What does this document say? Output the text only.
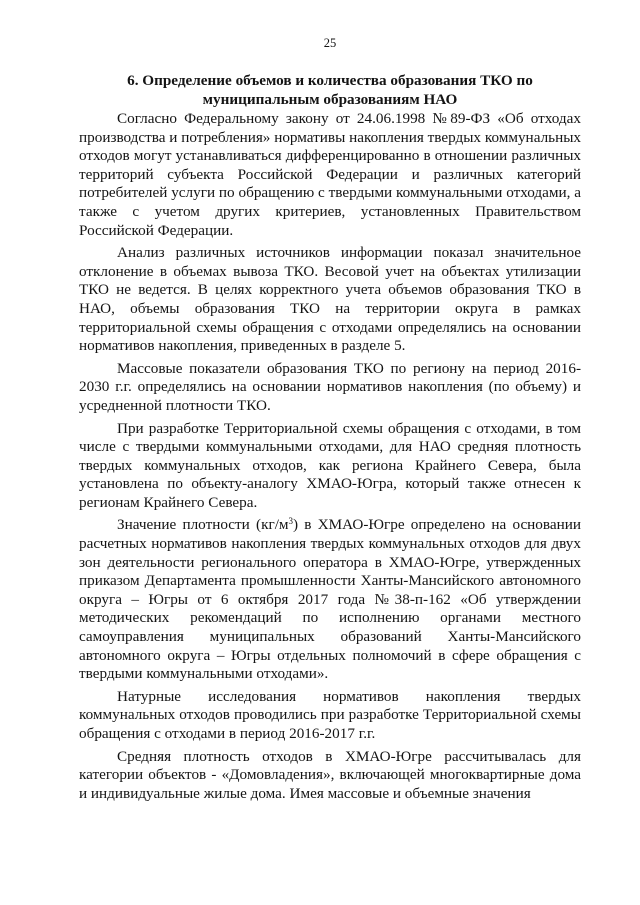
25
6. Определение объемов и количества образования ТКО по
муниципальным образованиям НАО

Согласно Федеральному закону от 24.06.1998 №89-ФЗ «Об отходах производства и потребления» нормативы накопления твердых коммунальных отходов могут устанавливаться дифференцированно в отношении различных территорий субъекта Российской Федерации и различных категорий потребителей услуги по обращению с твердыми коммунальными отходами, а также с учетом других критериев, установленных Правительством Российской Федерации.

Анализ различных источников информации показал значительное отклонение в объемах вывоза ТКО. Весовой учет на объектах утилизации ТКО не ведется. В целях корректного учета объемов образования ТКО в НАО, объемы образования ТКО на территории округа в рамках территориальной схемы обращения с отходами определялись на основании нормативов накопления, приведенных в разделе 5.

Массовые показатели образования ТКО по региону на период 2016-2030 г.г. определялись на основании нормативов накопления (по объему) и усредненной плотности ТКО.

При разработке Территориальной схемы обращения с отходами, в том числе с твердыми коммунальными отходами, для НАО средняя плотность твердых коммунальных отходов, как региона Крайнего Севера, была установлена по объекту-аналогу ХМАО-Югра, который также отнесен к регионам Крайнего Севера.

Значение плотности $(кг/м^3)$ в ХМАО-Югре определено на основании расчетных нормативов накопления твердых коммунальных отходов для двух зон деятельности регионального оператора в ХМАО-Югре, утвержденных приказом Департамента промышленности Ханты-Мансийского автономного округа – Югры от 6 октября 2017 года №38-п-162 «Об утверждении методических рекомендаций по исполнению органами местного самоуправления муниципальных образований Ханты-Мансийского автономного округа – Югры отдельных полномочий в сфере обращения с твердыми коммунальными отходами».

Натурные исследования нормативов накопления твердых коммунальных отходов проводились при разработке Территориальной схемы обращения с отходами в период 2016-2017 г.г.

Средняя плотность отходов в ХМАО-Югре рассчитывалась для категории объектов - «Домовладения», включающей многоквартирные дома и индивидуальные жилые дома. Имея массовые и объемные значения
